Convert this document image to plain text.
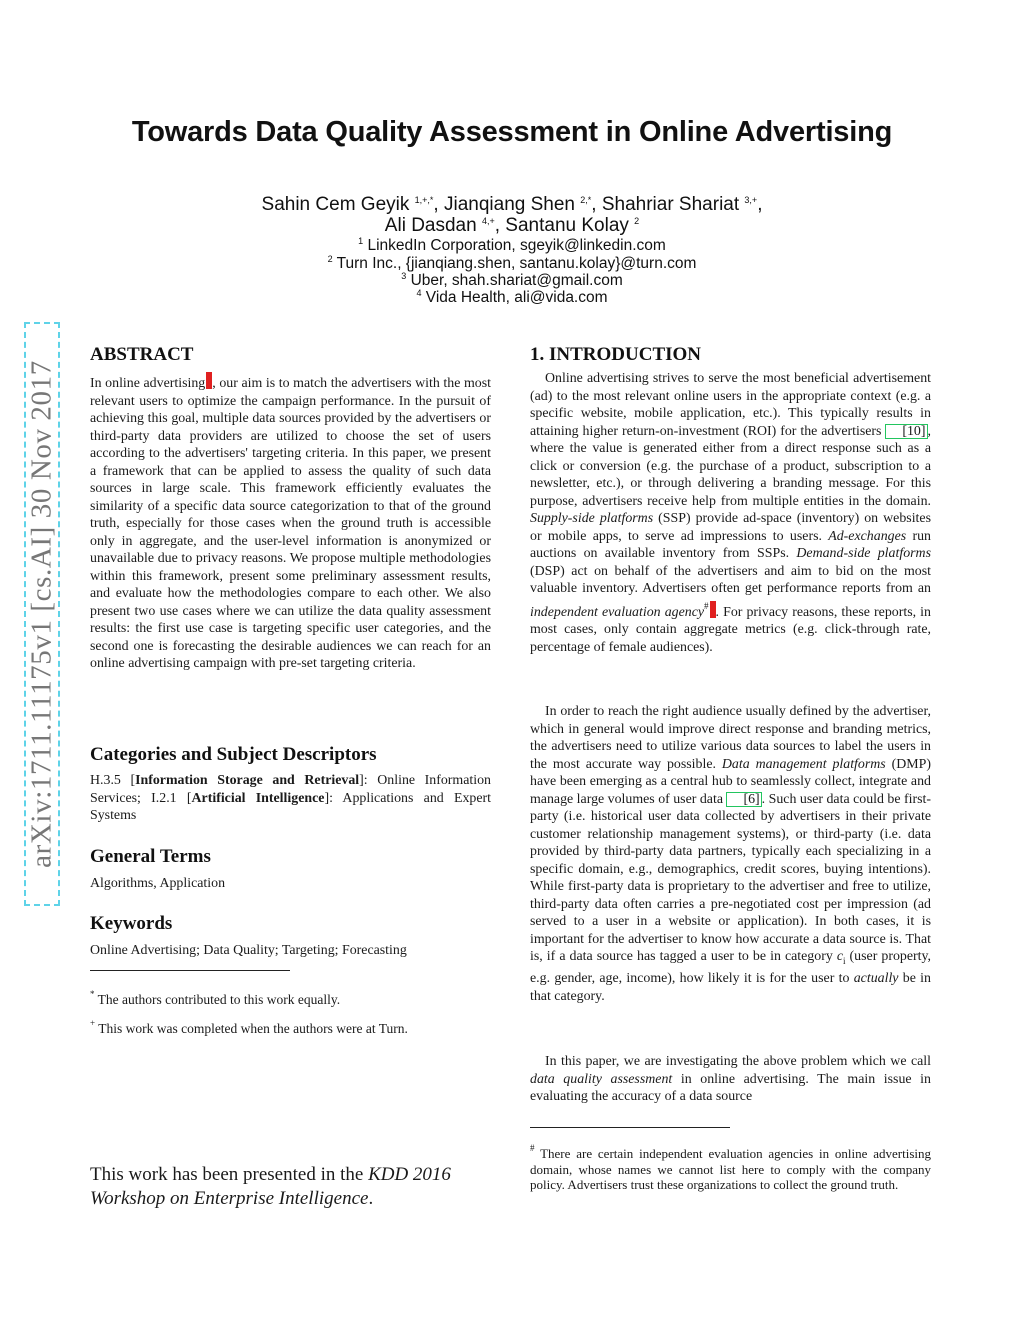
Towards Data Quality Assessment in Online Advertising
Sahin Cem Geyik $^{1,+,*}$, Jianqiang Shen $^{2,*}$, Shahriar Shariat $^{3,+}$,
Ali Dasdan $^{4,+}$, Santanu Kolay $^2$
$^1$ LinkedIn Corporation, sgeyik@linkedin.com
$^2$ Turn Inc., {jianqiang.shen, santanu.kolay}@turn.com
$^3$ Uber, shah.shariat@gmail.com
$^4$ Vida Health, ali@vida.com
arXiv:1711.11175v1 [cs.AI] 30 Nov 2017
ABSTRACT
In online advertising , our aim is to match the advertisers with the most relevant users to optimize the campaign performance. In the pursuit of achieving this goal, multiple data sources provided by the advertisers or third-party data providers are utilized to choose the set of users according to the advertisers' targeting criteria. In this paper, we present a framework that can be applied to assess the quality of such data sources in large scale. This framework efficiently evaluates the similarity of a specific data source categorization to that of the ground truth, especially for those cases when the ground truth is accessible only in aggregate, and the user-level information is anonymized or unavailable due to privacy reasons. We propose multiple methodologies within this framework, present some preliminary assessment results, and evaluate how the methodologies compare to each other. We also present two use cases where we can utilize the data quality assessment results: the first use case is targeting specific user categories, and the second one is forecasting the desirable audiences we can reach for an online advertising campaign with pre-set targeting criteria.
Categories and Subject Descriptors
H.3.5 [Information Storage and Retrieval]: Online Information Services; I.2.1 [Artificial Intelligence]: Applications and Expert Systems
General Terms
Algorithms, Application
Keywords
Online Advertising; Data Quality; Targeting; Forecasting
* The authors contributed to this work equally.
+ This work was completed when the authors were at Turn.
This work has been presented in the KDD 2016 Workshop on Enterprise Intelligence.
1. INTRODUCTION
Online advertising strives to serve the most beneficial advertisement (ad) to the most relevant online users in the appropriate context (e.g. a specific website, mobile application, etc.). This typically results in attaining higher return-on-investment (ROI) for the advertisers [10] , where the value is generated either from a direct response such as a click or conversion (e.g. the purchase of a product, subscription to a newsletter, etc.), or through delivering a branding message. For this purpose, advertisers receive help from multiple entities in the domain. Supply-side platforms (SSP) provide ad-space (inventory) on websites or mobile apps, to serve ad impressions to users. Ad-exchanges run auctions on available inventory from SSPs. Demand-side platforms (DSP) act on behalf of the advertisers and aim to bid on the most valuable inventory. Advertisers often get performance reports from an independent evaluation agency# . For privacy reasons, these reports, in most cases, only contain aggregate metrics (e.g. click-through rate, percentage of female audiences).
In order to reach the right audience usually defined by the advertiser, which in general would improve direct response and branding metrics, the advertisers need to utilize various data sources to label the users in the most accurate way possible. Data management platforms (DMP) have been emerging as a central hub to seamlessly collect, integrate and manage large volumes of user data [6] . Such user data could be first-party (i.e. historical user data collected by advertisers in their private customer relationship management systems), or third-party (i.e. data provided by third-party data partners, typically each specializing in a specific domain, e.g., demographics, credit scores, buying intentions). While first-party data is proprietary to the advertiser and free to utilize, third-party data often carries a pre-negotiated cost per impression (ad served to a user in a website or application). In both cases, it is important for the advertiser to know how accurate a data source is. That is, if a data source has tagged a user to be in category $c_i$ (user property, e.g. gender, age, income), how likely it is for the user to actually be in that category.
In this paper, we are investigating the above problem which we call data quality assessment in online advertising. The main issue in evaluating the accuracy of a data source
# There are certain independent evaluation agencies in online advertising domain, whose names we cannot list here to comply with the company policy. Advertisers trust these organizations to collect the ground truth.
